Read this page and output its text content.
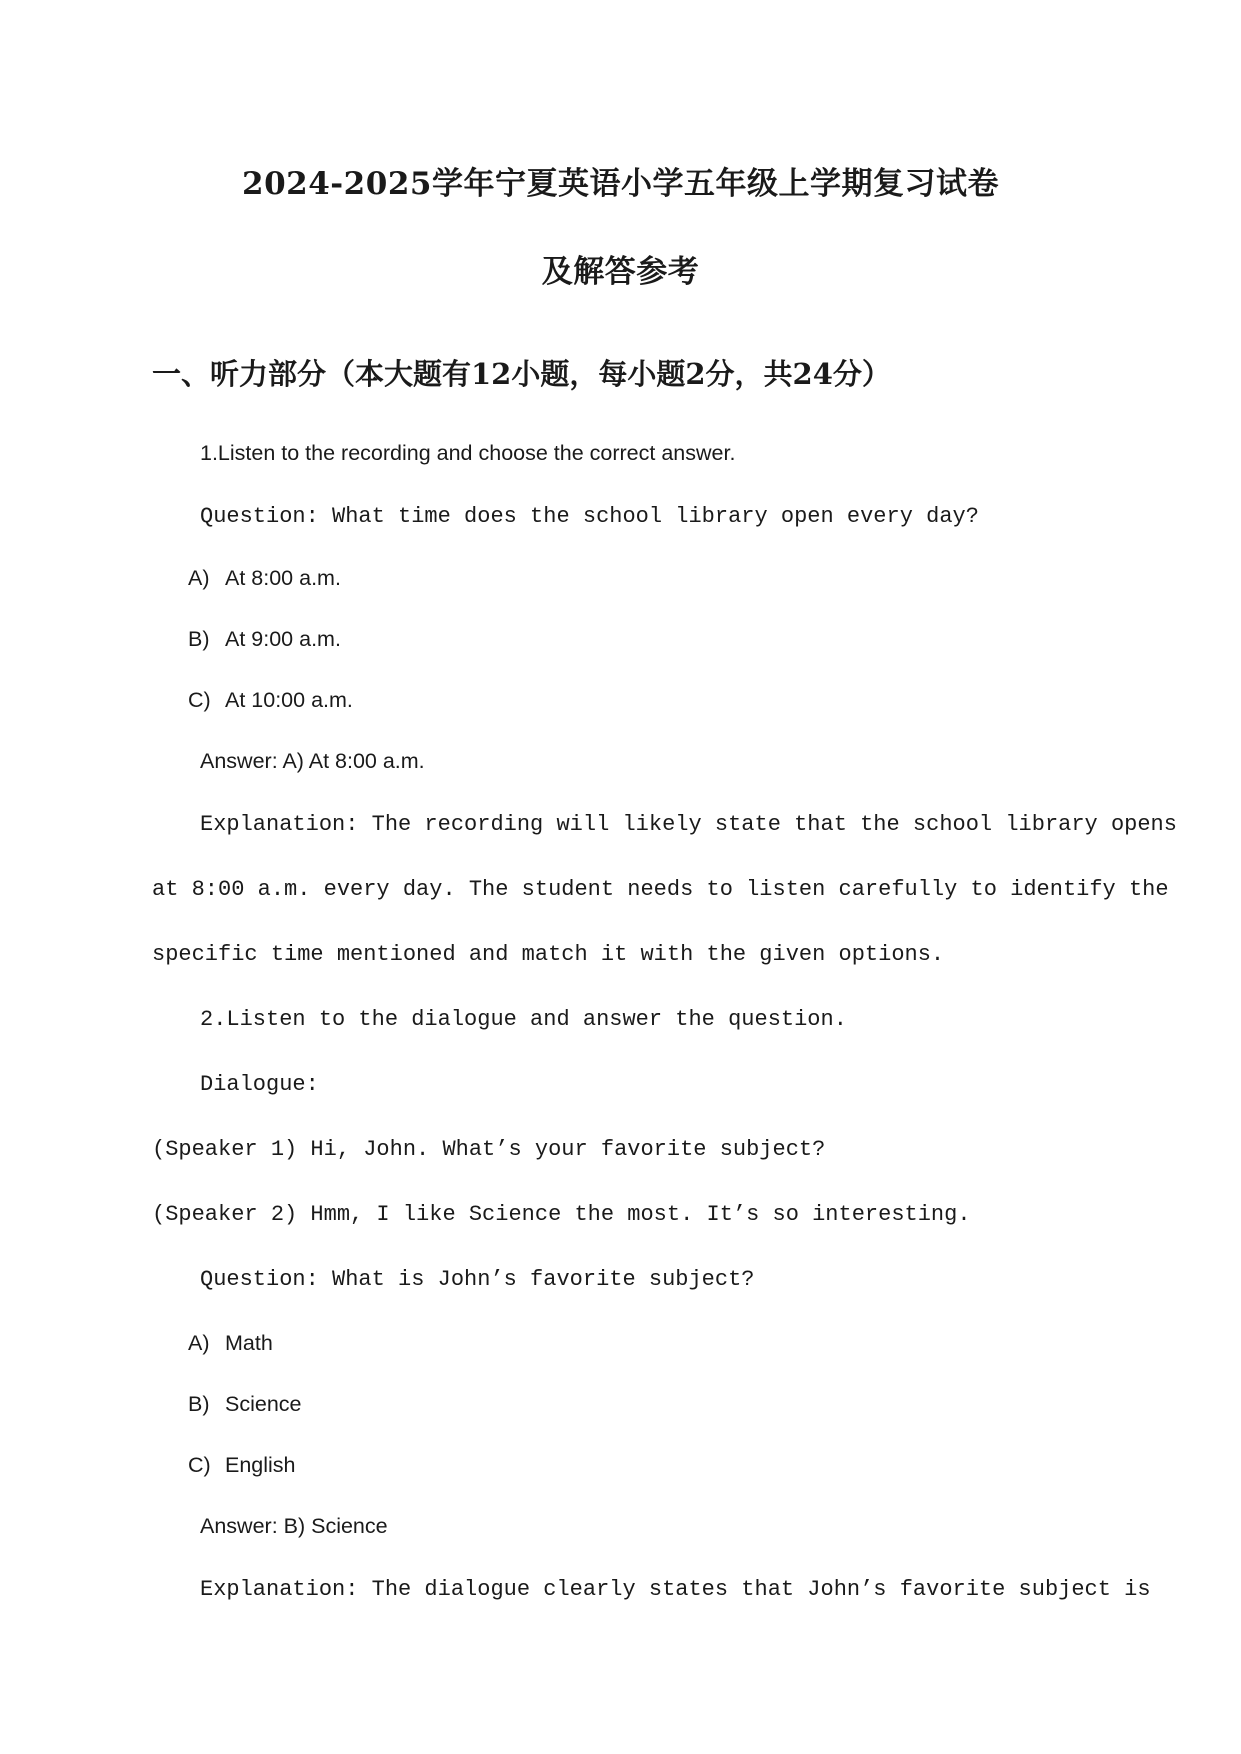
2024-2025学年宁夏英语小学五年级上学期复习试卷
及解答参考
一、听力部分（本大题有12小题，每小题2分，共24分）
1.Listen to the recording and choose the correct answer.
Question: What time does the school library open every day?
A) At 8:00 a.m.
B) At 9:00 a.m.
C) At 10:00 a.m.
Answer: A) At 8:00 a.m.
Explanation: The recording will likely state that the school library opens
at 8:00 a.m. every day. The student needs to listen carefully to identify the
specific time mentioned and match it with the given options.
2.Listen to the dialogue and answer the question.
Dialogue:
(Speaker 1) Hi, John. What’s your favorite subject?
(Speaker 2) Hmm, I like Science the most. It’s so interesting.
Question: What is John’s favorite subject?
A) Math
B) Science
C) English
Answer: B) Science
Explanation: The dialogue clearly states that John’s favorite subject is
